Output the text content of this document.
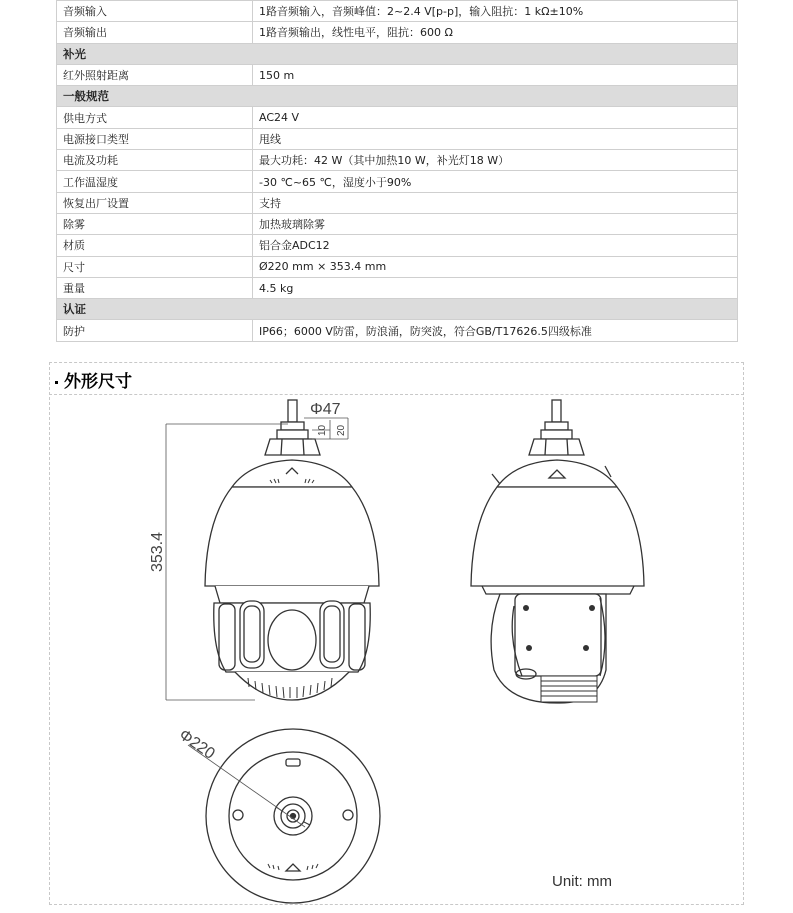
音频输入	1路音频输入，音频峰值：2~2.4 V[p-p]，输入阻抗：1 kΩ±10%
音频输出	1路音频输出，线性电平，阻抗：600 Ω
补光	
红外照射距离	150 m
一般规范	
供电方式	AC24 V
电源接口类型	甩线
电流及功耗	最大功耗：42 W（其中加热10 W，补光灯18 W）
工作温湿度	-30 ℃~65 ℃，湿度小于90%
恢复出厂设置	支持
除雾	加热玻璃除雾
材质	铝合金ADC12
尺寸	Ø220 mm × 353.4 mm
重量	4.5 kg
认证	
防护	IP66；6000 V防雷，防浪涌，防突波，符合GB/T17626.5四级标准
外形尺寸
353.4
Φ47
10 20
Φ220
Unit: mm
